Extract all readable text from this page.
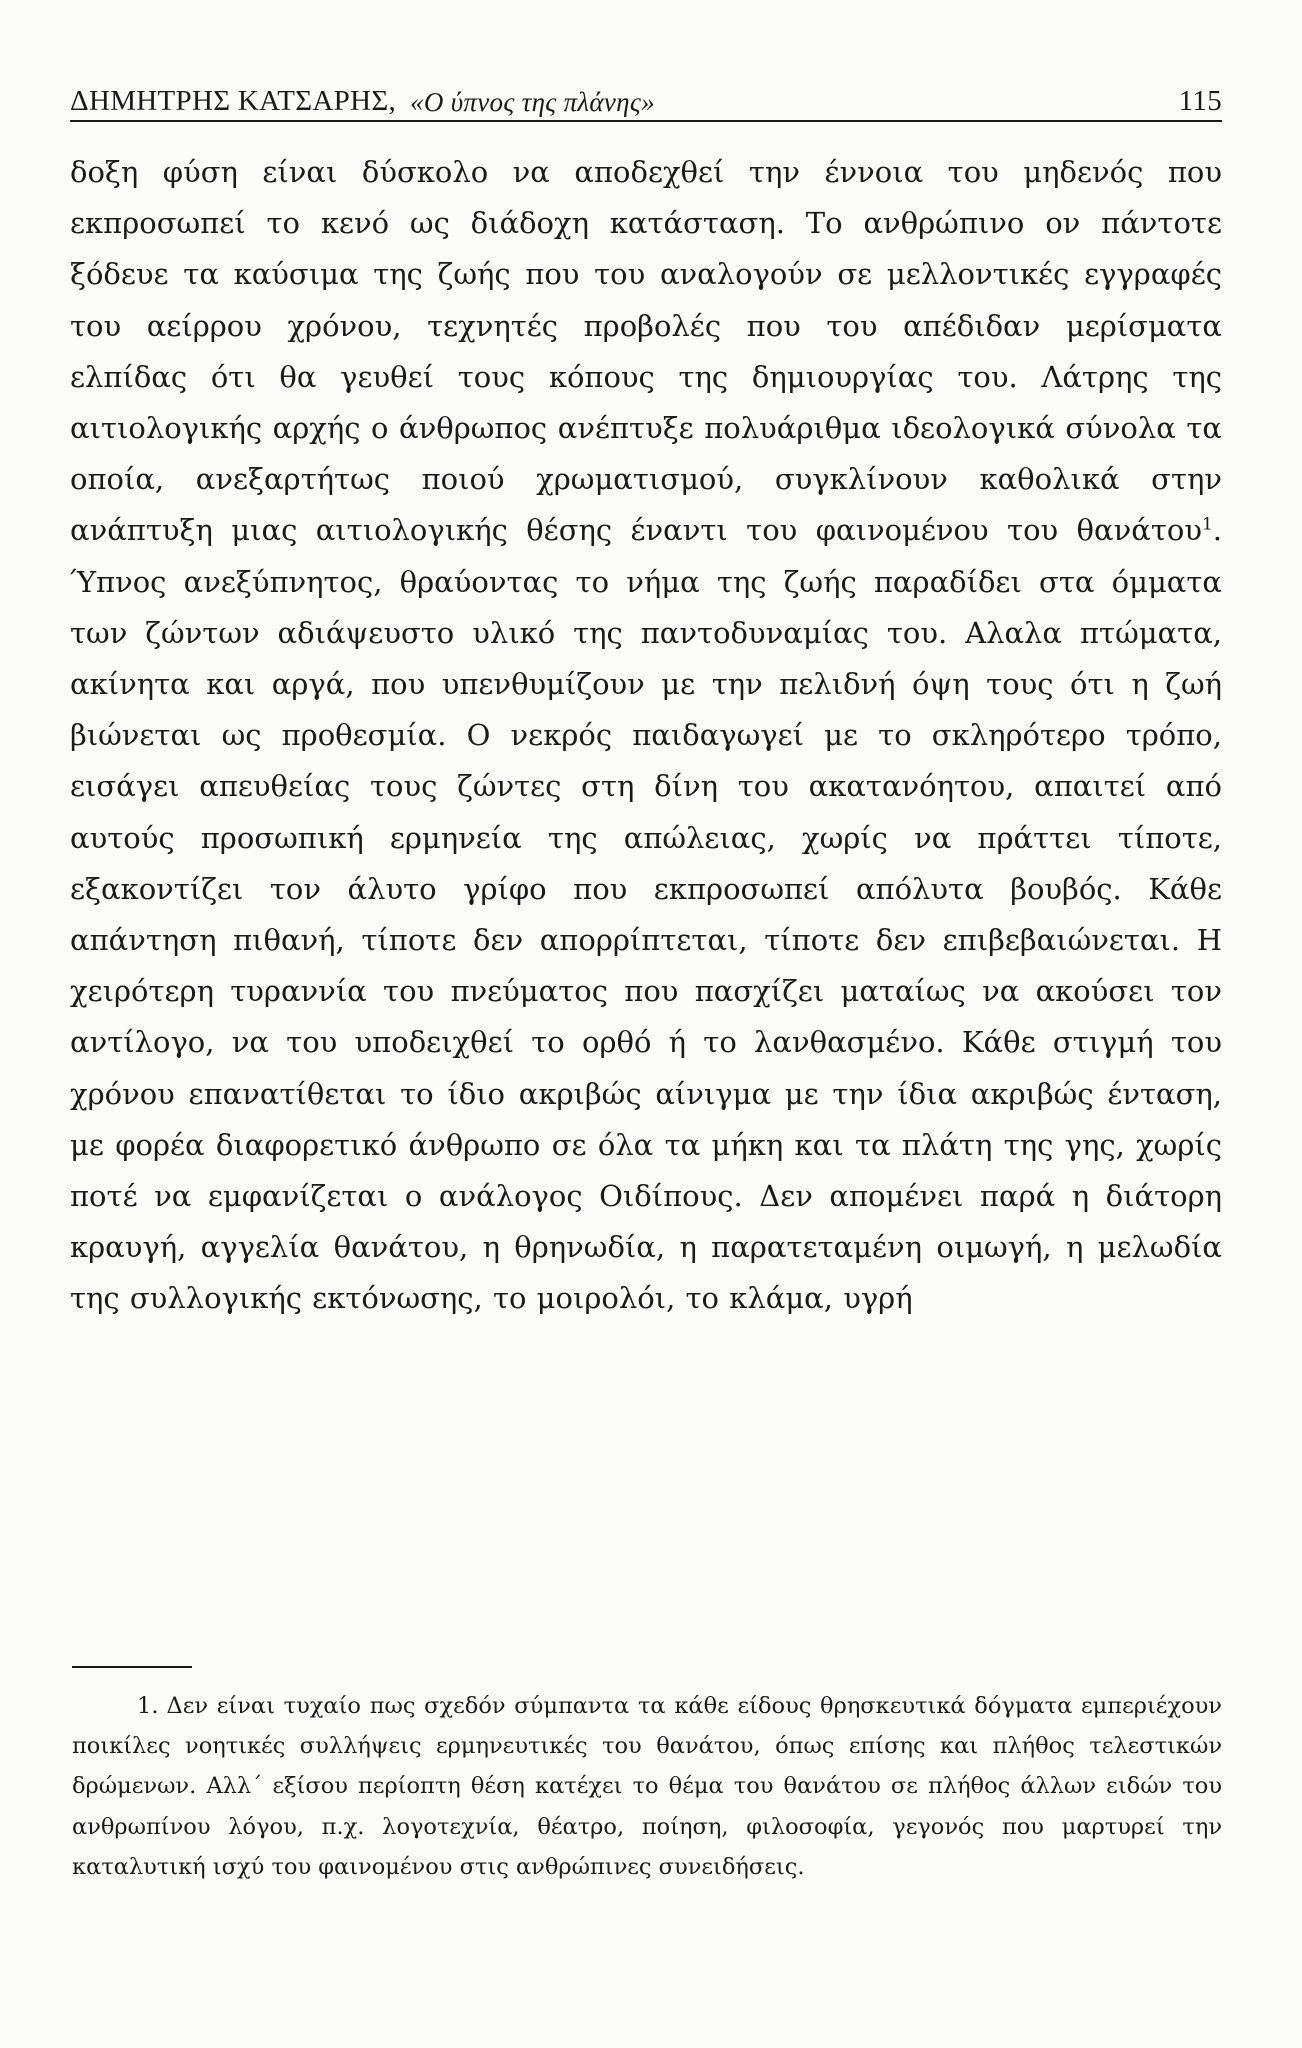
ΔΗΜΗΤΡΗΣ ΚΑΤΣΑΡΗΣ, «Ο ύπνος της πλάνης»	115

δοξη φύση είναι δύσκολο να αποδεχθεί την έννοια του μηδενός που εκπροσωπεί το κενό ως διάδοχη κατάσταση. Το ανθρώπινο ον πάντοτε ξόδευε τα καύσιμα της ζωής που του αναλογούν σε μελλοντικές εγγραφές του αείρρου χρόνου, τεχνητές προβολές που του απέδιδαν μερίσματα ελπίδας ότι θα γευθεί τους κόπους της δημιουργίας του. Λάτρης της αιτιολογικής αρχής ο άνθρωπος ανέπτυξε πολυάριθμα ιδεολογικά σύνολα τα οποία, ανεξαρτήτως ποιού χρωματισμού, συγκλίνουν καθολικά στην ανάπτυξη μιας αιτιολογικής θέσης έναντι του φαινομένου του θανάτου$^1$. Ύπνος ανεξύπνητος, θραύοντας το νήμα της ζωής παραδίδει στα όμματα των ζώντων αδιάψευστο υλικό της παντοδυναμίας του. Αλαλα πτώματα, ακίνητα και αργά, που υπενθυμίζουν με την πελιδνή όψη τους ότι η ζωή βιώνεται ως προθεσμία. Ο νεκρός παιδαγωγεί με το σκληρότερο τρόπο, εισάγει απευθείας τους ζώντες στη δίνη του ακατανόητου, απαιτεί από αυτούς προσωπική ερμηνεία της απώλειας, χωρίς να πράττει τίποτε, εξακοντίζει τον άλυτο γρίφο που εκπροσωπεί απόλυτα βουβός. Κάθε απάντηση πιθανή, τίποτε δεν απορρίπτεται, τίποτε δεν επιβεβαιώνεται. Η χειρότερη τυραννία του πνεύματος που πασχίζει ματαίως να ακούσει τον αντίλογο, να του υποδειχθεί το ορθό ή το λανθασμένο. Κάθε στιγμή του χρόνου επανατίθεται το ίδιο ακριβώς αίνιγμα με την ίδια ακριβώς ένταση, με φορέα διαφορετικό άνθρωπο σε όλα τα μήκη και τα πλάτη της γης, χωρίς ποτέ να εμφανίζεται ο ανάλογος Οιδίπους. Δεν απομένει παρά η διάτορη κραυγή, αγγελία θανάτου, η θρηνωδία, η παρατεταμένη οιμωγή, η μελωδία της συλλογικής εκτόνωσης, το μοιρολόι, το κλάμα, υγρή

1. Δεν είναι τυχαίο πως σχεδόν σύμπαντα τα κάθε είδους θρησκευτικά δόγματα εμπεριέχουν ποικίλες νοητικές συλλήψεις ερμηνευτικές του θανάτου, όπως επίσης και πλήθος τελεστικών δρώμενων. Αλλ΄ εξίσου περίοπτη θέση κατέχει το θέμα του θανάτου σε πλήθος άλλων ειδών του ανθρωπίνου λόγου, π.χ. λογοτεχνία, θέατρο, ποίηση, φιλοσοφία, γεγονός που μαρτυρεί την καταλυτική ισχύ του φαινομένου στις ανθρώπινες συνειδήσεις.
